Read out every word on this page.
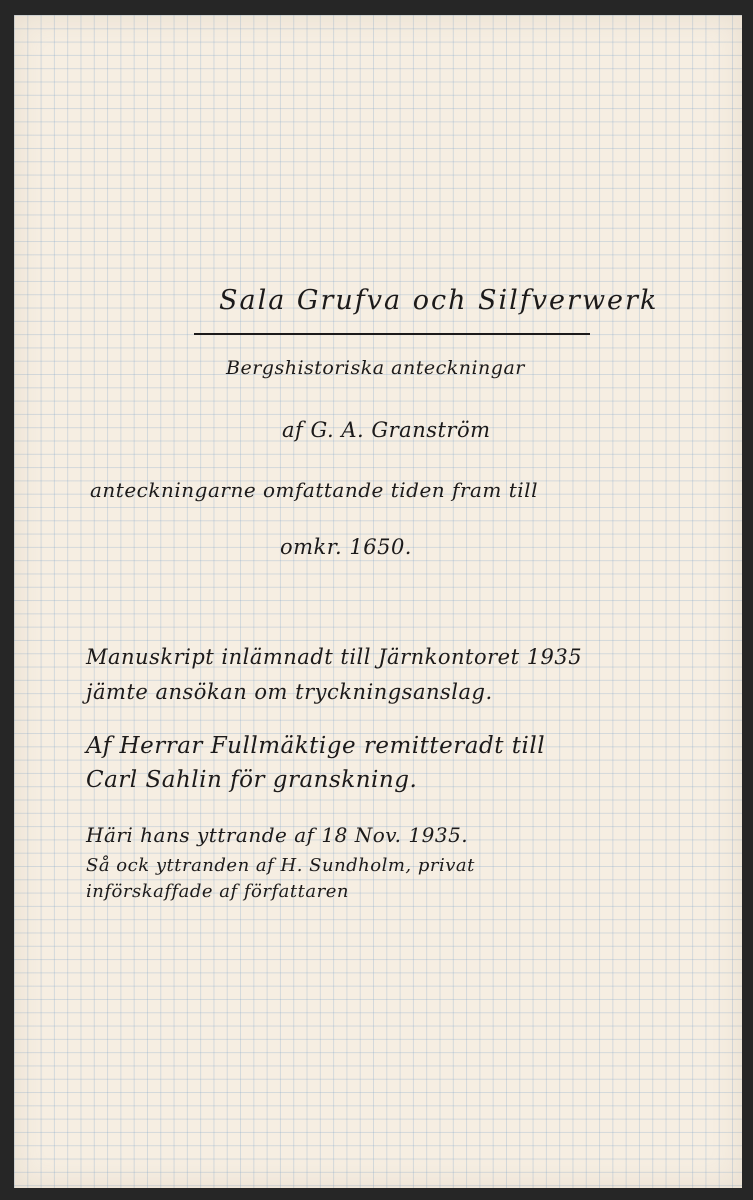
Sala Grufva och Silfverwerk
Bergshistoriska anteckningar
af G. A. Granström
anteckningarne omfattande tiden fram till
omkr. 1650.
Manuskript inlämnadt till Järnkontoret 1935
jämte ansökan om tryckningsanslag.
Af Herrar Fullmäktige remitteradt till
Carl Sahlin för granskning.
Häri hans yttrande af 18 Nov. 1935.
Så ock yttranden af H. Sundholm, privat
införskaffade af författaren
